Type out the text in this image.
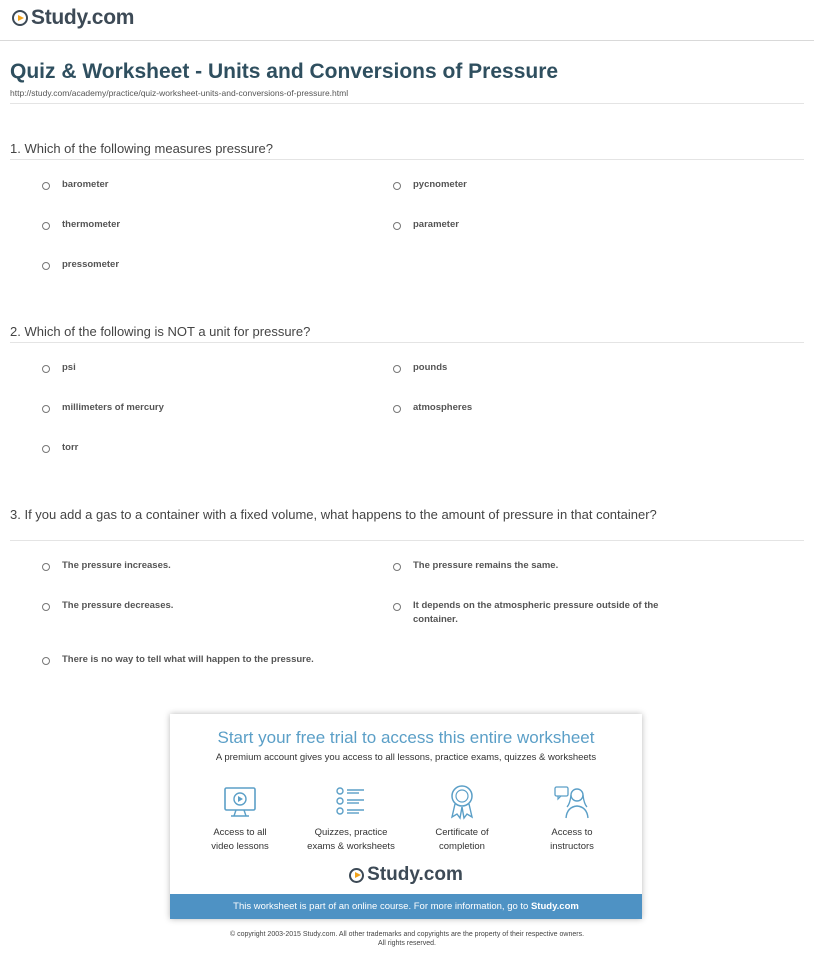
Study.com
Quiz & Worksheet - Units and Conversions of Pressure
http://study.com/academy/practice/quiz-worksheet-units-and-conversions-of-pressure.html
1. Which of the following measures pressure?
barometer	pycnometer
thermometer	parameter
pressometer
2. Which of the following is NOT a unit for pressure?
psi	pounds
millimeters of mercury	atmospheres
torr
3. If you add a gas to a container with a fixed volume, what happens to the amount of pressure in that container?
The pressure increases.	The pressure remains the same.
The pressure decreases.	It depends on the atmospheric pressure outside of the container.
There is no way to tell what will happen to the pressure.
Start your free trial to access this entire worksheet
A premium account gives you access to all lessons, practice exams, quizzes & worksheets
Access to all
video lessons
Quizzes, practice
exams & worksheets
Certificate of
completion
Access to
instructors
Study.com
This worksheet is part of an online course. For more information, go to Study.com
© copyright 2003-2015 Study.com. All other trademarks and copyrights are the property of their respective owners.
All rights reserved.
